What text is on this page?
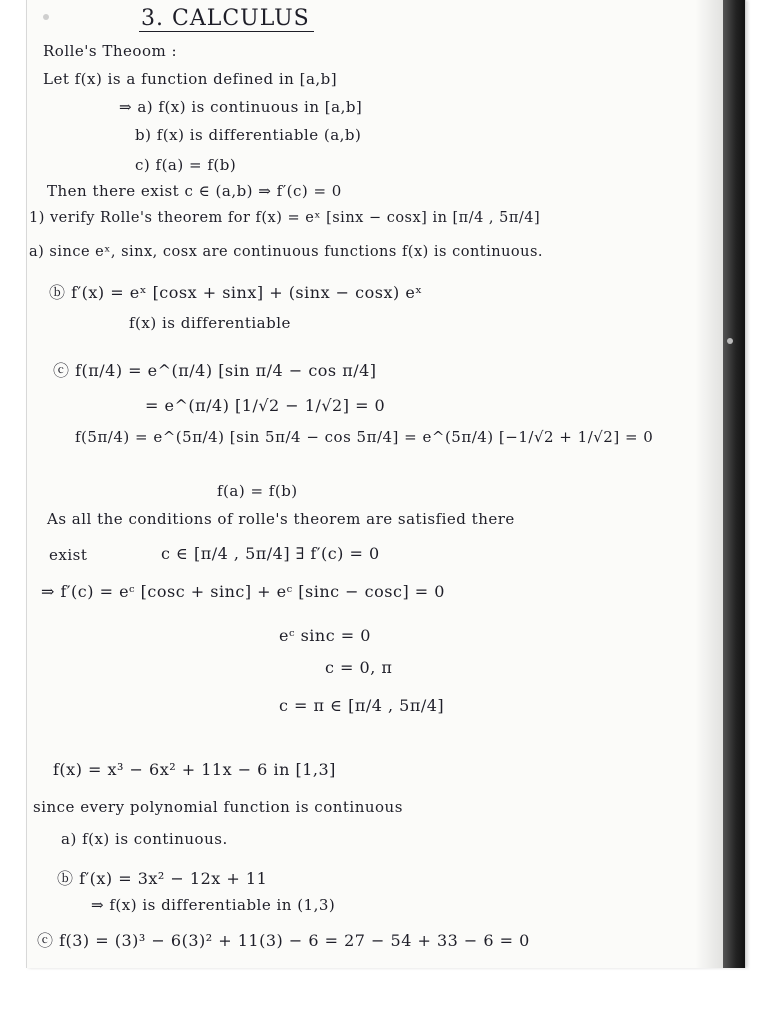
3. CALCULUS
Rolle's Theoom :
Let f(x) is a function defined in [a,b]
⇒ a) f(x) is continuous in [a,b]
b) f(x) is differentiable (a,b)
c) f(a) = f(b)
Then there exist c ∈ (a,b) ⇒ f′(c) = 0
1) verify Rolle's theorem for f(x) = eˣ [sinx − cosx] in [π/4 , 5π/4]
a) since eˣ, sinx, cosx are continuous functions f(x) is continuous.
ⓑ f′(x) = eˣ [cosx + sinx] + (sinx − cosx) eˣ
f(x) is differentiable
ⓒ f(π/4) = e^(π/4) [sin π/4 − cos π/4]
= e^(π/4) [1/√2 − 1/√2] = 0
f(5π/4) = e^(5π/4) [sin 5π/4 − cos 5π/4] = e^(5π/4) [−1/√2 + 1/√2] = 0
f(a) = f(b)
As all the conditions of rolle's theorem are satisfied there
exist	c ∈ [π/4 , 5π/4] ∃ f′(c) = 0
⇒ f′(c) = eᶜ [cosc + sinc] + eᶜ [sinc − cosc] = 0
eᶜ sinc = 0
c = 0, π
c = π ∈ [π/4 , 5π/4]
f(x) = x³ − 6x² + 11x − 6 in [1,3]
since every polynomial function is continuous
a) f(x) is continuous.
ⓑ f′(x) = 3x² − 12x + 11
⇒ f(x) is differentiable in (1,3)
ⓒ f(3) = (3)³ − 6(3)² + 11(3) − 6 = 27 − 54 + 33 − 6 = 0
